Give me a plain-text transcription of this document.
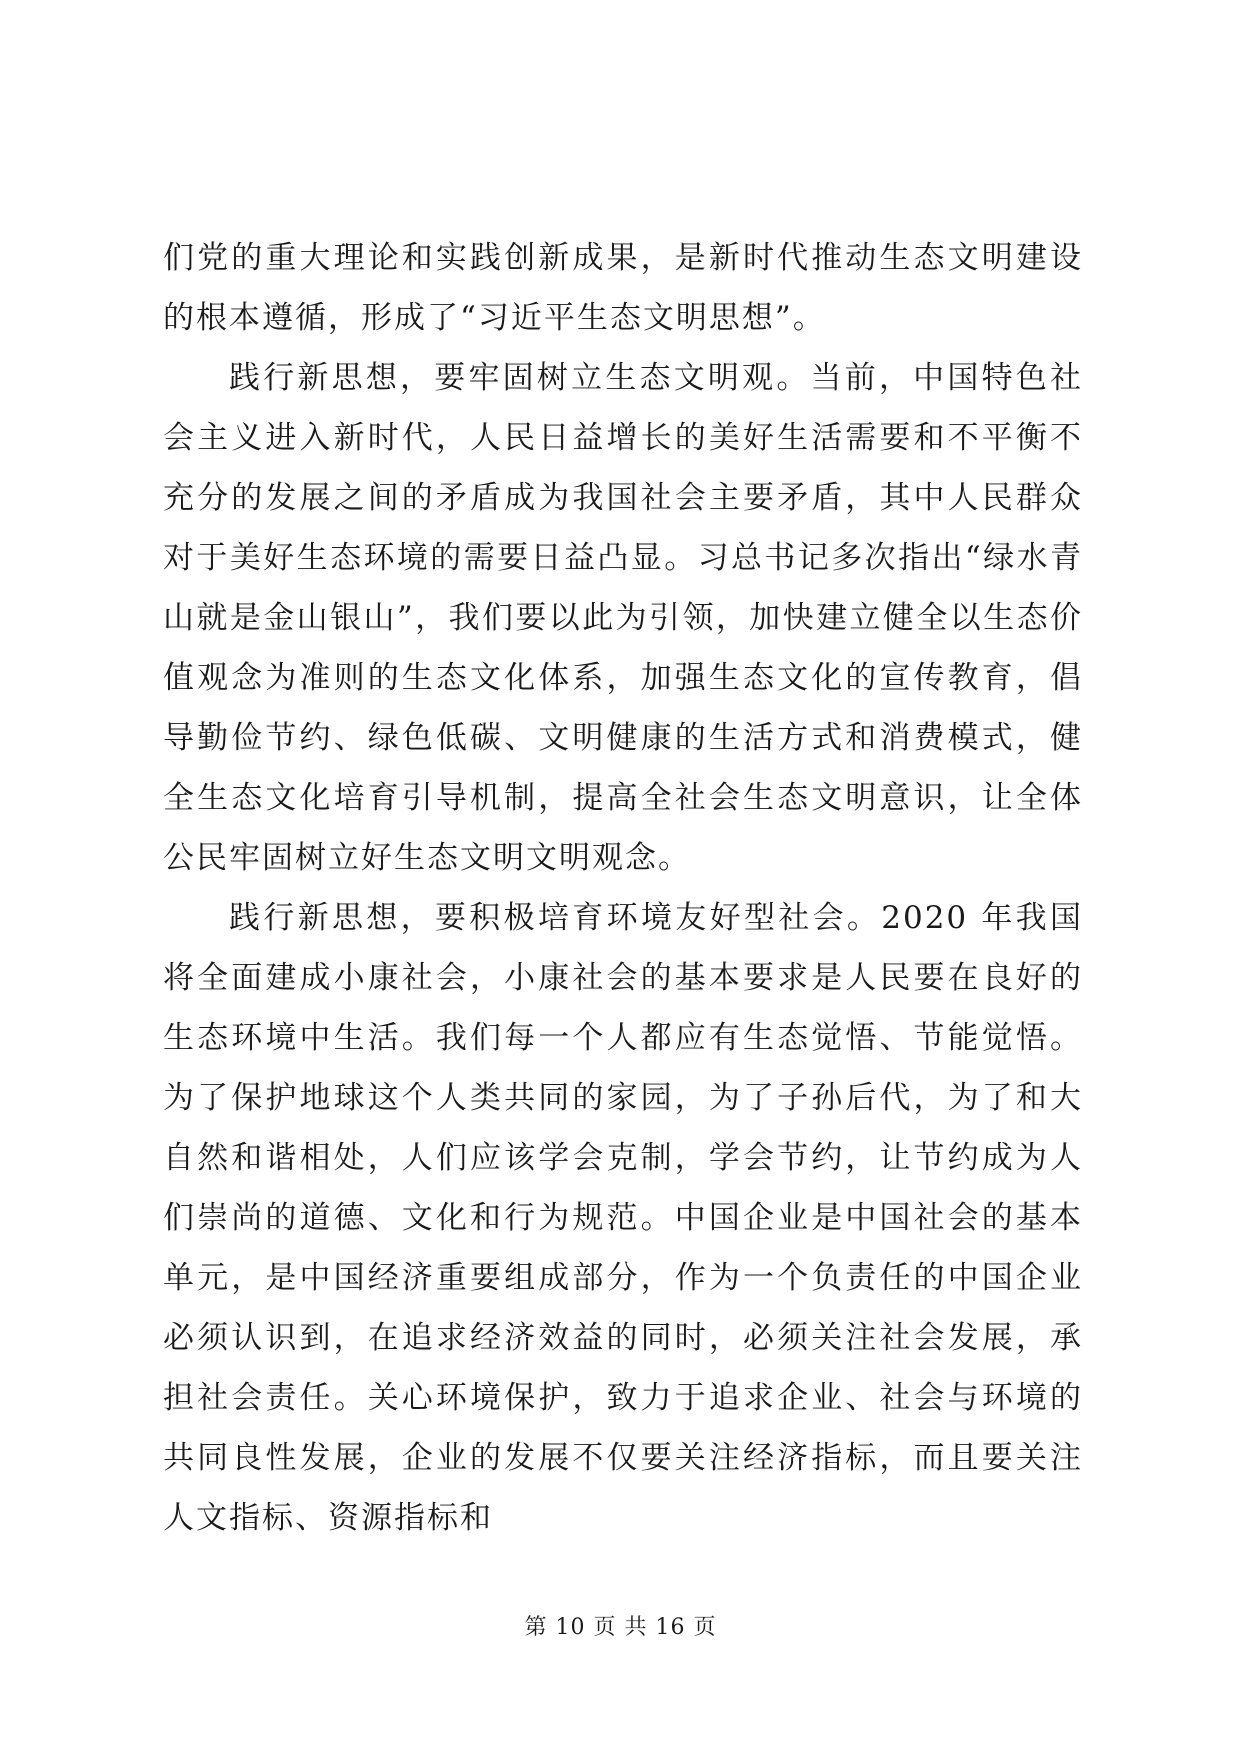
们党的重大理论和实践创新成果，是新时代推动生态文明建设的根本遵循，形成了“习近平生态文明思想”。

践行新思想，要牢固树立生态文明观。当前，中国特色社会主义进入新时代，人民日益增长的美好生活需要和不平衡不充分的发展之间的矛盾成为我国社会主要矛盾，其中人民群众对于美好生态环境的需要日益凸显。习总书记多次指出“绿水青山就是金山银山”，我们要以此为引领，加快建立健全以生态价值观念为准则的生态文化体系，加强生态文化的宣传教育，倡导勤俭节约、绿色低碳、文明健康的生活方式和消费模式，健全生态文化培育引导机制，提高全社会生态文明意识，让全体公民牢固树立好生态文明文明观念。

践行新思想，要积极培育环境友好型社会。2020 年我国将全面建成小康社会，小康社会的基本要求是人民要在良好的生态环境中生活。我们每一个人都应有生态觉悟、节能觉悟。为了保护地球这个人类共同的家园，为了子孙后代，为了和大自然和谐相处，人们应该学会克制，学会节约，让节约成为人们崇尚的道德、文化和行为规范。中国企业是中国社会的基本单元，是中国经济重要组成部分，作为一个负责任的中国企业必须认识到，在追求经济效益的同时，必须关注社会发展，承担社会责任。关心环境保护，致力于追求企业、社会与环境的共同良性发展，企业的发展不仅要关注经济指标，而且要关注人文指标、资源指标和

第 10 页 共 16 页
